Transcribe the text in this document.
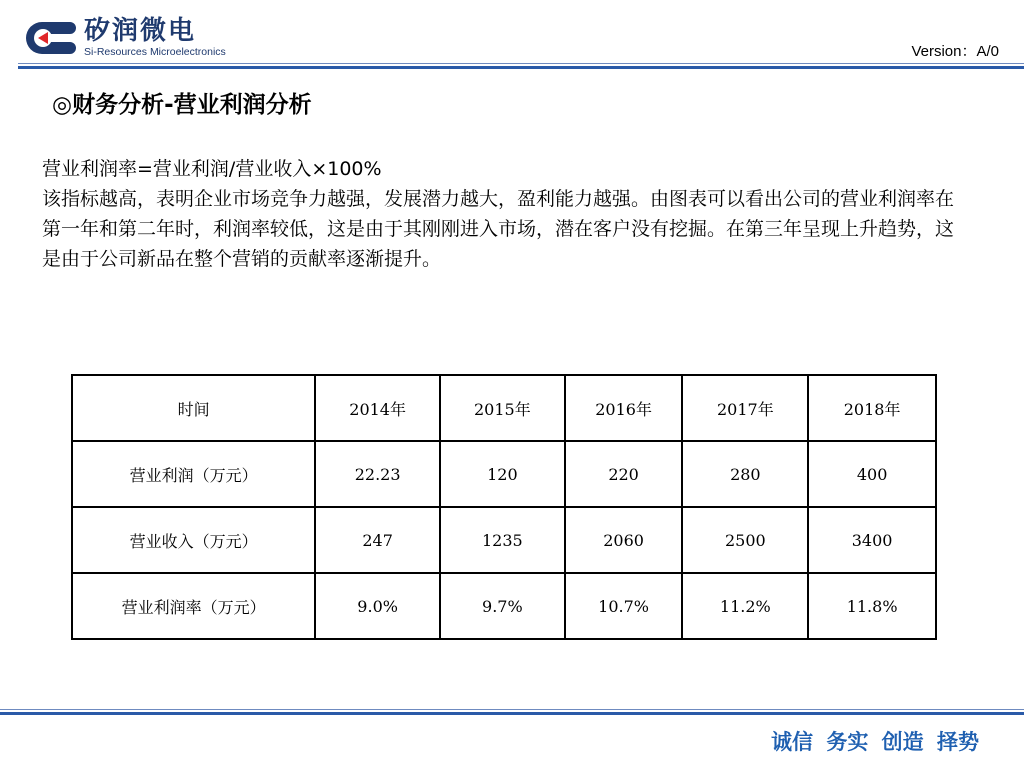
矽润微电
Si-Resources Microelectronics	Version：A/0
◎财务分析-营业利润分析

营业利润率=营业利润/营业收入×100%

该指标越高，表明企业市场竞争力越强，发展潜力越大，盈利能力越强。由图表可以看出公司的营业利润率在第一年和第二年时，利润率较低，这是由于其刚刚进入市场，潜在客户没有挖掘。在第三年呈现上升趋势，这是由于公司新品在整个营销的贡献率逐渐提升。

时间	2014年	2015年	2016年	2017年	2018年
营业利润（万元）	22.23	120	220	280	400
营业收入（万元）	247	1235	2060	2500	3400
营业利润率（万元）	9.0%	9.7%	10.7%	11.2%	11.8%
诚信 务实 创造 择势
